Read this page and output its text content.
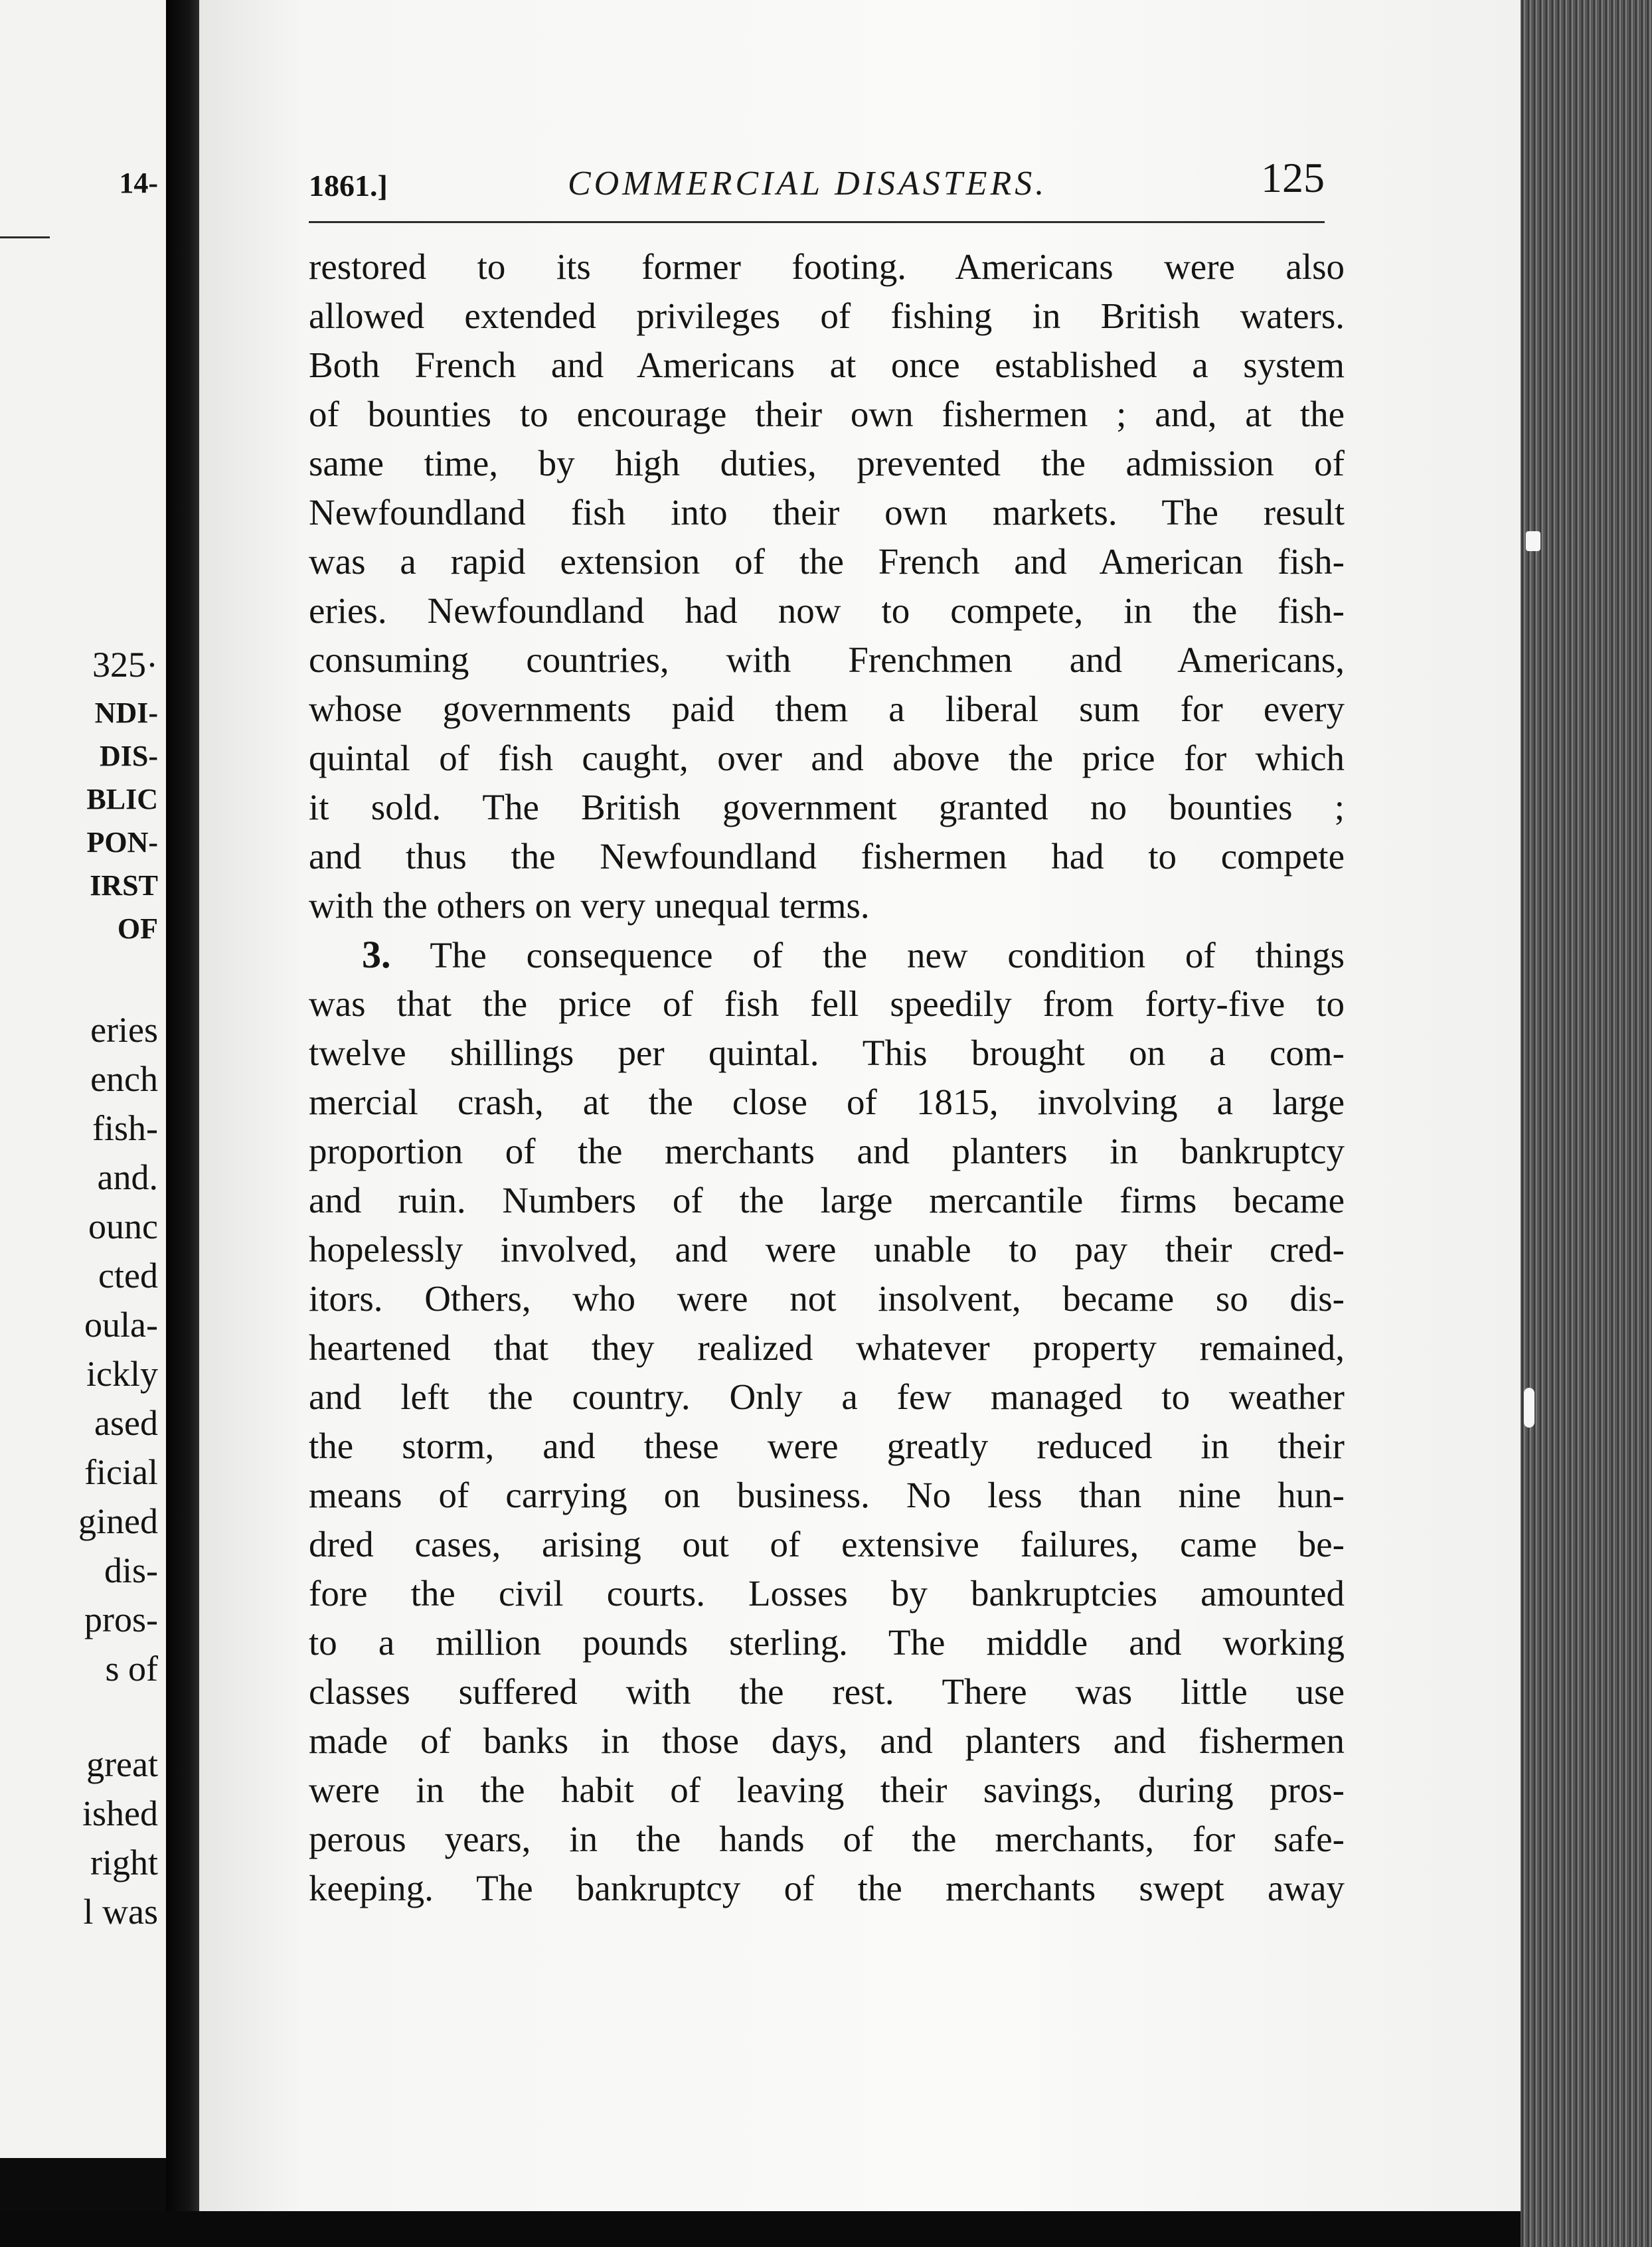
14-
325·
NDI-
DIS-
BLIC
PON-
IRST
OF
eries
ench
fish-
and.
ounc
cted
oula-
ickly
ased
ficial
gined
dis-
pros-
s of
great
ished
right
l was
1861.]	COMMERCIAL DISASTERS.	125
restored to its former footing. Americans were also
allowed extended privileges of fishing in British waters.
Both French and Americans at once established a system
of bounties to encourage their own fishermen ; and, at the
same time, by high duties, prevented the admission of
Newfoundland fish into their own markets. The result
was a rapid extension of the French and American fish-
eries. Newfoundland had now to compete, in the fish-
consuming countries, with Frenchmen and Americans,
whose governments paid them a liberal sum for every
quintal of fish caught, over and above the price for which
it sold. The British government granted no bounties ;
and thus the Newfoundland fishermen had to compete
with the others on very unequal terms.
3. The consequence of the new condition of things
was that the price of fish fell speedily from forty-five to
twelve shillings per quintal. This brought on a com-
mercial crash, at the close of 1815, involving a large
proportion of the merchants and planters in bankruptcy
and ruin. Numbers of the large mercantile firms became
hopelessly involved, and were unable to pay their cred-
itors. Others, who were not insolvent, became so dis-
heartened that they realized whatever property remained,
and left the country. Only a few managed to weather
the storm, and these were greatly reduced in their
means of carrying on business. No less than nine hun-
dred cases, arising out of extensive failures, came be-
fore the civil courts. Losses by bankruptcies amounted
to a million pounds sterling. The middle and working
classes suffered with the rest. There was little use
made of banks in those days, and planters and fishermen
were in the habit of leaving their savings, during pros-
perous years, in the hands of the merchants, for safe-
keeping. The bankruptcy of the merchants swept away
